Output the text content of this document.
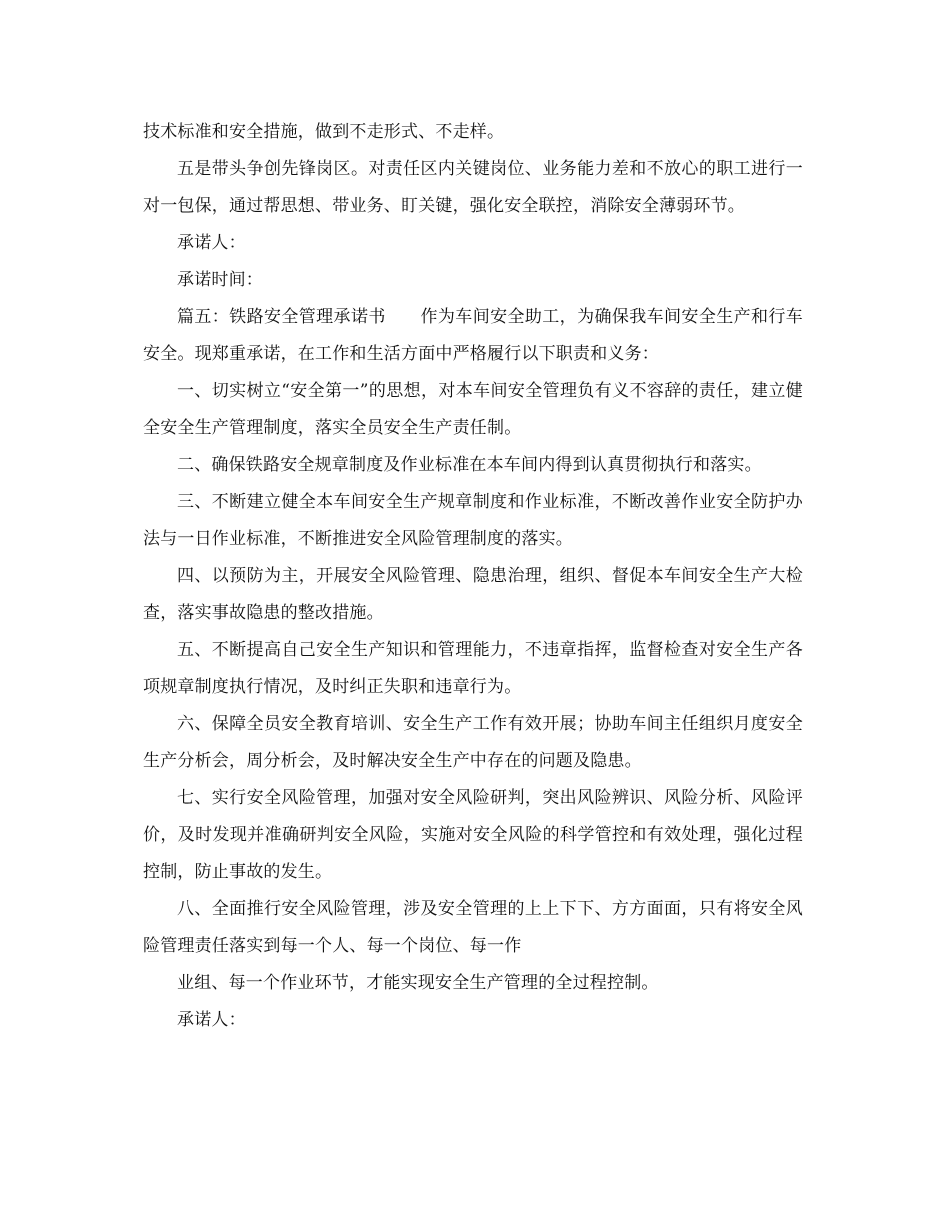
技术标准和安全措施，做到不走形式、不走样。

五是带头争创先锋岗区。对责任区内关键岗位、业务能力差和不放心的职工进行一对一包保，通过帮思想、带业务、盯关键，强化安全联控，消除安全薄弱环节。

承诺人：

承诺时间：

篇五：铁路安全管理承诺书　　作为车间安全助工，为确保我车间安全生产和行车安全。现郑重承诺，在工作和生活方面中严格履行以下职责和义务：

一、切实树立“安全第一”的思想，对本车间安全管理负有义不容辞的责任，建立健全安全生产管理制度，落实全员安全生产责任制。

二、确保铁路安全规章制度及作业标准在本车间内得到认真贯彻执行和落实。

三、不断建立健全本车间安全生产规章制度和作业标准，不断改善作业安全防护办法与一日作业标准，不断推进安全风险管理制度的落实。

四、以预防为主，开展安全风险管理、隐患治理，组织、督促本车间安全生产大检查，落实事故隐患的整改措施。

五、不断提高自己安全生产知识和管理能力，不违章指挥，监督检查对安全生产各项规章制度执行情况，及时纠正失职和违章行为。

六、保障全员安全教育培训、安全生产工作有效开展；协助车间主任组织月度安全生产分析会，周分析会，及时解决安全生产中存在的问题及隐患。

七、实行安全风险管理，加强对安全风险研判，突出风险辨识、风险分析、风险评价，及时发现并准确研判安全风险，实施对安全风险的科学管控和有效处理，强化过程控制，防止事故的发生。

八、全面推行安全风险管理，涉及安全管理的上上下下、方方面面，只有将安全风险管理责任落实到每一个人、每一个岗位、每一作

业组、每一个作业环节，才能实现安全生产管理的全过程控制。

承诺人：
